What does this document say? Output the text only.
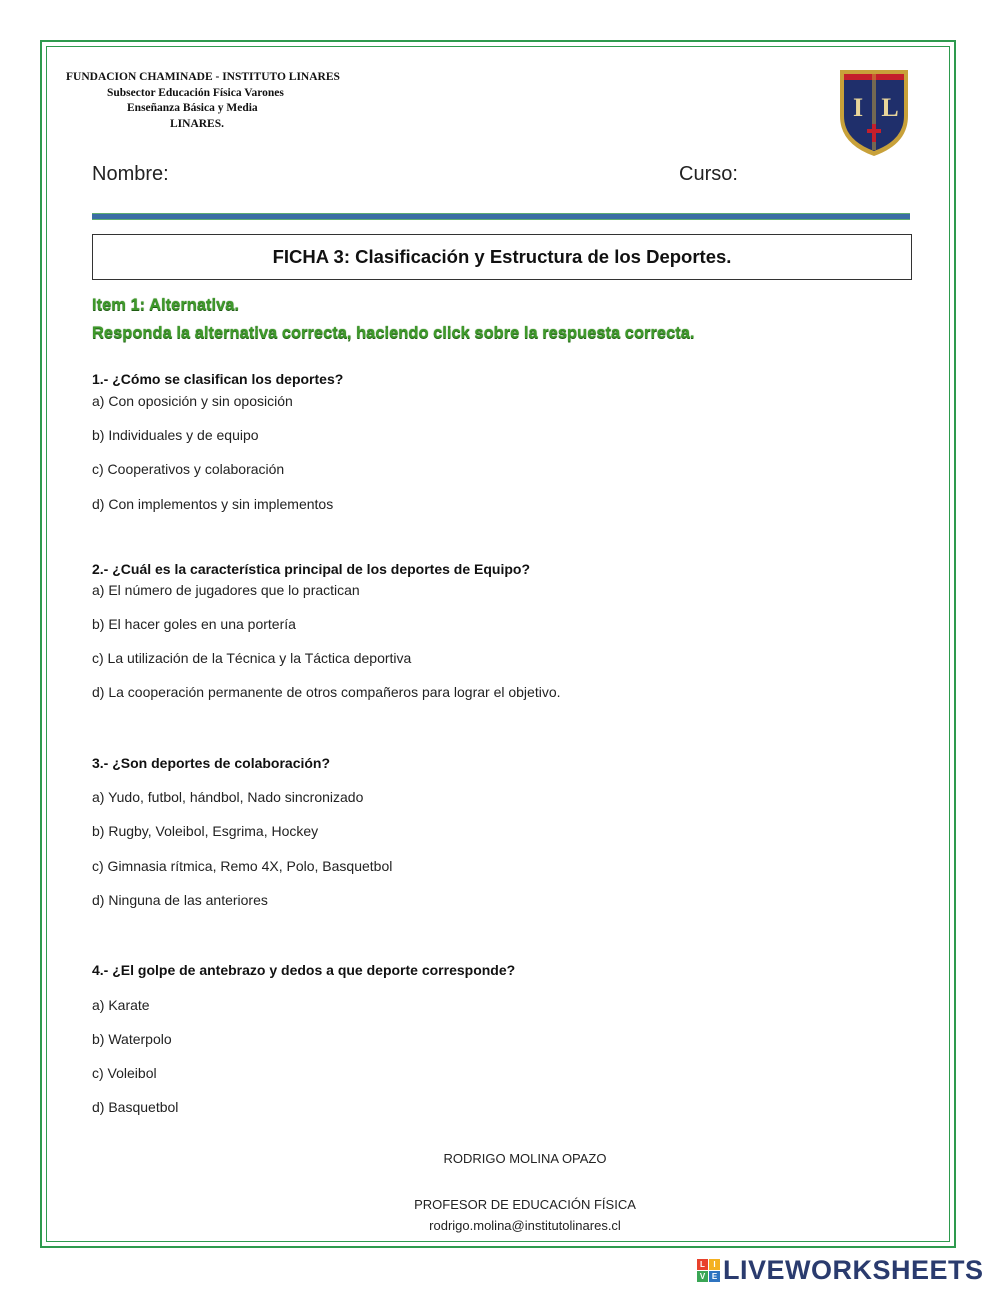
FUNDACION CHAMINADE - INSTITUTO LINARES
Subsector Educación Física Varones
Enseñanza Básica y Media
LINARES.
I L
Nombre:	Curso:
FICHA 3: Clasificación y Estructura de los Deportes.
Item 1: Alternativa.
Responda la alternativa correcta, haciendo click sobre la respuesta correcta.
1.- ¿Cómo se clasifican los deportes?
a) Con oposición y sin oposición
b) Individuales y de equipo
c) Cooperativos y colaboración
d) Con implementos y sin implementos
2.- ¿Cuál es la característica principal de los deportes de Equipo?
a) El número de jugadores que lo practican
b) El hacer goles en una portería
c) La utilización de la Técnica y la Táctica deportiva
d) La cooperación permanente de otros compañeros para lograr el objetivo.
3.- ¿Son deportes de colaboración?
a) Yudo, futbol, hándbol, Nado sincronizado
b) Rugby, Voleibol, Esgrima, Hockey
c) Gimnasia rítmica, Remo 4X, Polo, Basquetbol
d) Ninguna de las anteriores
4.- ¿El golpe de antebrazo y dedos a que deporte corresponde?
a) Karate
b) Waterpolo
c) Voleibol
d) Basquetbol
RODRIGO MOLINA OPAZO
PROFESOR DE EDUCACIÓN FÍSICA
rodrigo.molina@institutolinares.cl
L	I
V E LIVEWORKSHEETS
